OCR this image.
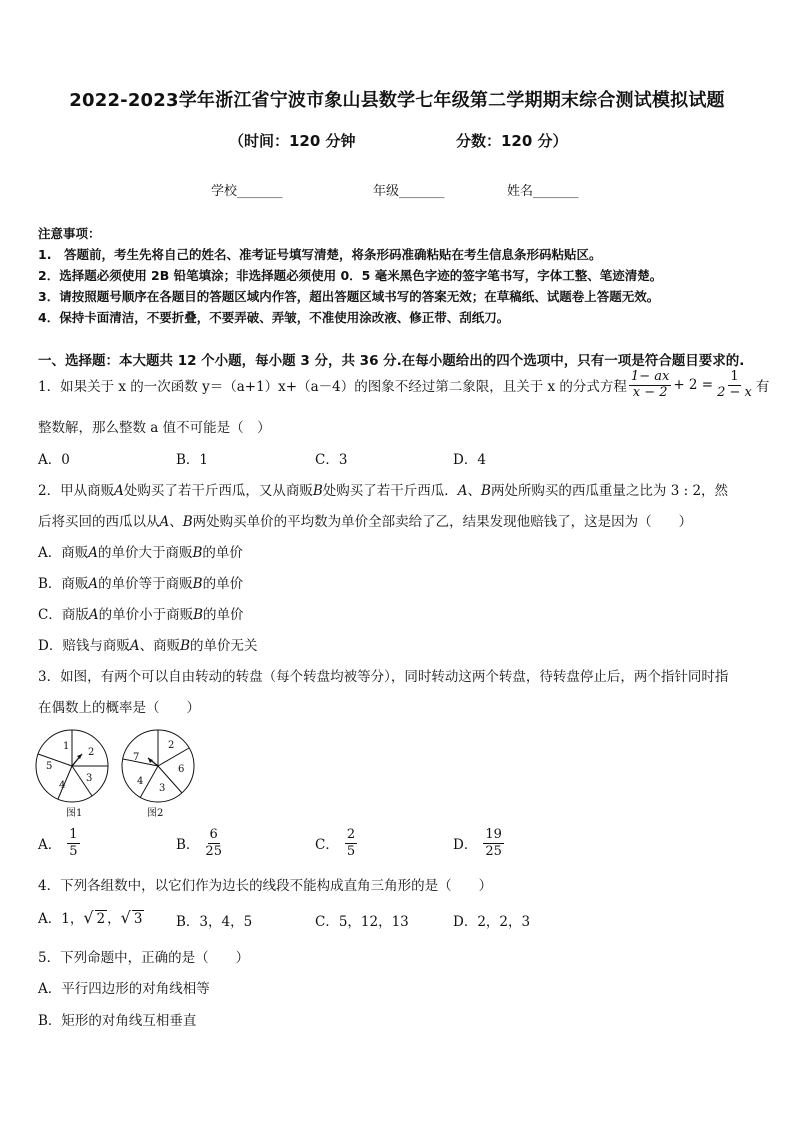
2022-2023学年浙江省宁波市象山县数学七年级第二学期期末综合测试模拟试题
（时间：120 分钟	分数：120 分）
学校_______	年级_______	姓名_______
注意事项：
1.　答题前，考生先将自己的姓名、准考证号填写清楚，将条形码准确粘贴在考生信息条形码粘贴区。
2．选择题必须使用 2B 铅笔填涂；非选择题必须使用 0．5 毫米黑色字迹的签字笔书写，字体工整、笔迹清楚。
3．请按照题号顺序在各题目的答题区域内作答，超出答题区域书写的答案无效；在草稿纸、试题卷上答题无效。
4．保持卡面清洁，不要折叠，不要弄破、弄皱，不准使用涂改液、修正带、刮纸刀。
一、选择题：本大题共 12 个小题，每小题 3 分，共 36 分.在每小题给出的四个选项中，只有一项是符合题目要求的.
1．如果关于 x 的一次函数 y＝（a+1）x+（a－4）的图象不经过第二象限，且关于 x 的分式方程 $\frac{1- ax}{x - 2} + 2 = \frac{1}{2 - x}$ 有
整数解，那么整数 a 值不可能是（　）
A．0	B．1	C．3	D．4
2．甲从商贩A处购买了若干斤西瓜，又从商贩B处购买了若干斤西瓜．A、B两处所购买的西瓜重量之比为 3 : 2，然
后将买回的西瓜以从A、B两处购买单价的平均数为单价全部卖给了乙，结果发现他赔钱了，这是因为（　　）
A．商贩A的单价大于商贩B的单价
B．商贩A的单价等于商贩B的单价
C．商版A的单价小于商贩B的单价
D．赔钱与商贩A、商贩B的单价无关
3．如图，有两个可以自由转动的转盘（每个转盘均被等分），同时转动这两个转盘，待转盘停止后，两个指针同时指
在偶数上的概率是（　　）
1
2
3
4
5
2
6
3
4
7
图1	图2
A． $\frac{1}{5}$	B． $\frac{6}{25}$	C． $\frac{2}{5}$	D． $\frac{19}{25}$
4．下列各组数中，以它们作为边长的线段不能构成直角三角形的是（　　）
A．1，√ 2 ，√ 3 B．3，4，5	C．5，12，13	D．2，2，3
5．下列命题中，正确的是（　　）
A．平行四边形的对角线相等
B．矩形的对角线互相垂直
